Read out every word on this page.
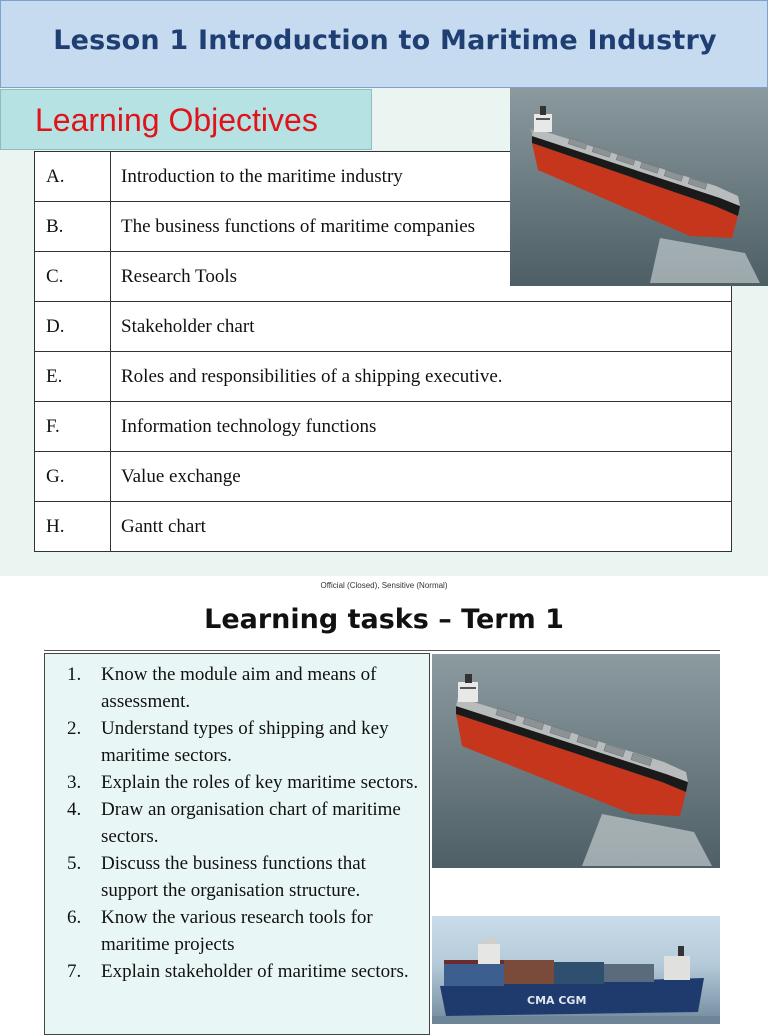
Lesson 1 Introduction to Maritime Industry
Learning Objectives
A.	Introduction to the maritime industry
B.	The business functions of maritime companies
C.	Research Tools
D.	Stakeholder chart
E.	Roles and responsibilities of a shipping executive.
F.	Information technology functions
G.	Value exchange
H.	Gantt chart
Official (Closed), Sensitive (Normal)
Learning tasks – Term 1
1. Know the module aim and means of assessment.
2. Understand types of shipping and key maritime sectors.
3. Explain the roles of key maritime sectors.
4. Draw an organisation chart of maritime sectors.
5. Discuss the business functions that support the organisation structure.
6. Know the various research tools for maritime projects
7. Explain stakeholder of maritime sectors.
CMA CGM
